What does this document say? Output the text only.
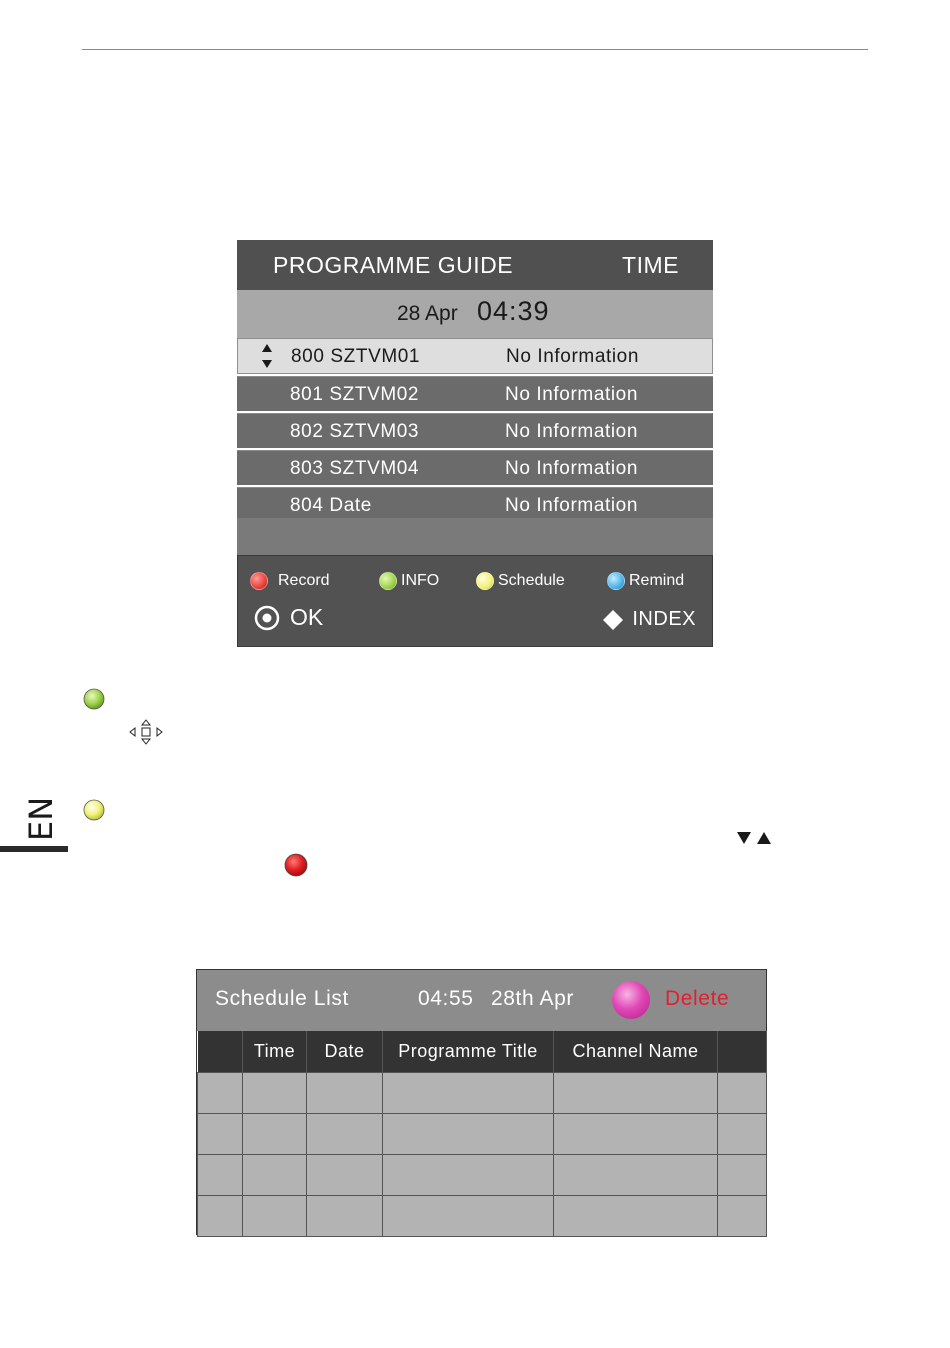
PROGRAMME GUIDE	TIME
28 Apr 04:39
800 SZTVM01	No Information
801 SZTVM02	No Information
802 SZTVM03	No Information
803 SZTVM04	No Information
804 Date	No Information
Record	INFO	Schedule	Remind
OK	INDEX
EN
Schedule List	04:55 28th Apr	Delete
	Time	Date	Programme Title	Channel Name	
